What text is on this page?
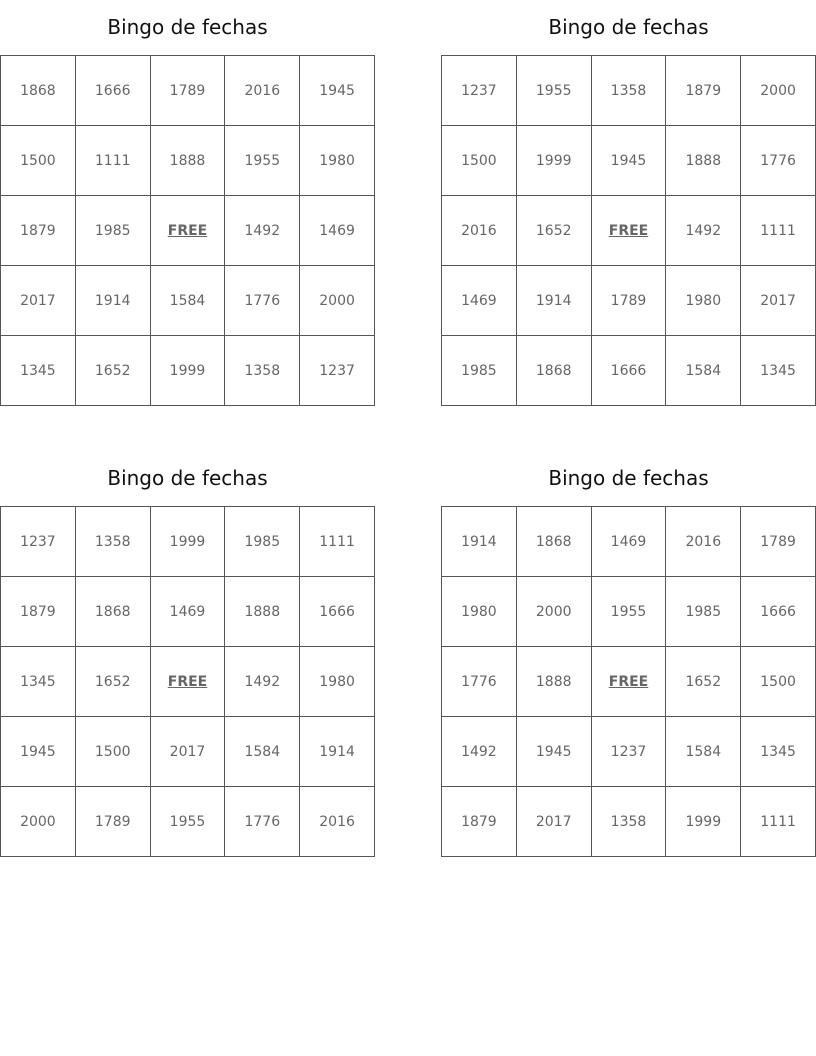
Bingo de fechas
1868	1666	1789	2016	1945
1500	1111	1888	1955	1980
1879	1985	FREE	1492	1469
2017	1914	1584	1776	2000
1345	1652	1999	1358	1237
Bingo de fechas
1237	1955	1358	1879	2000
1500	1999	1945	1888	1776
2016	1652	FREE	1492	1111
1469	1914	1789	1980	2017
1985	1868	1666	1584	1345
Bingo de fechas
1237	1358	1999	1985	1111
1879	1868	1469	1888	1666
1345	1652	FREE	1492	1980
1945	1500	2017	1584	1914
2000	1789	1955	1776	2016
Bingo de fechas
1914	1868	1469	2016	1789
1980	2000	1955	1985	1666
1776	1888	FREE	1652	1500
1492	1945	1237	1584	1345
1879	2017	1358	1999	1111
